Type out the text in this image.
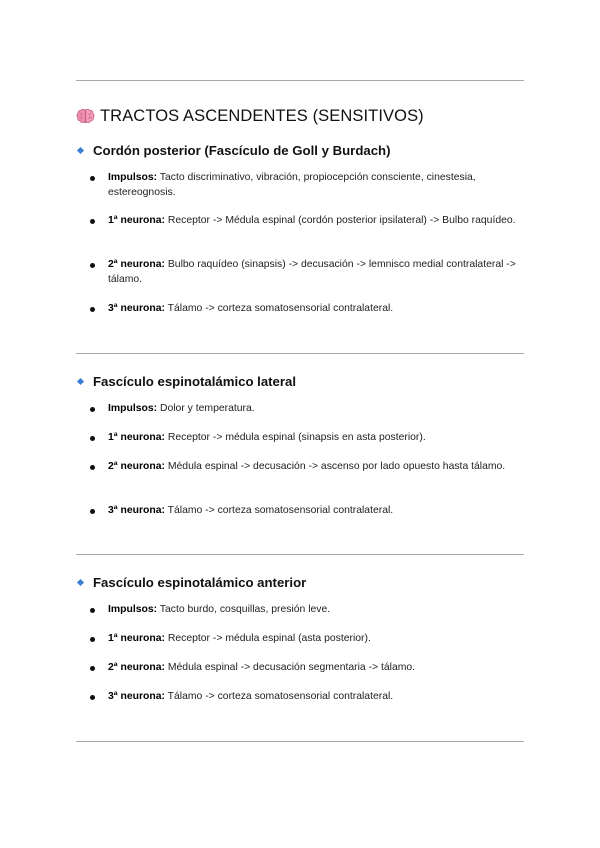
TRACTOS ASCENDENTES (SENSITIVOS)
Cordón posterior (Fascículo de Goll y Burdach)
Impulsos: Tacto discriminativo, vibración, propiocepción consciente, cinestesia, estereognosis.
1ª neurona: Receptor -> Médula espinal (cordón posterior ipsilateral) -> Bulbo raquídeo.
2ª neurona: Bulbo raquídeo (sinapsis) -> decusación -> lemnisco medial contralateral -> tálamo.
3ª neurona: Tálamo -> corteza somatosensorial contralateral.
Fascículo espinotalámico lateral
Impulsos: Dolor y temperatura.
1ª neurona: Receptor -> médula espinal (sinapsis en asta posterior).
2ª neurona: Médula espinal -> decusación -> ascenso por lado opuesto hasta tálamo.
3ª neurona: Tálamo -> corteza somatosensorial contralateral.
Fascículo espinotalámico anterior
Impulsos: Tacto burdo, cosquillas, presión leve.
1ª neurona: Receptor -> médula espinal (asta posterior).
2ª neurona: Médula espinal -> decusación segmentaria -> tálamo.
3ª neurona: Tálamo -> corteza somatosensorial contralateral.
